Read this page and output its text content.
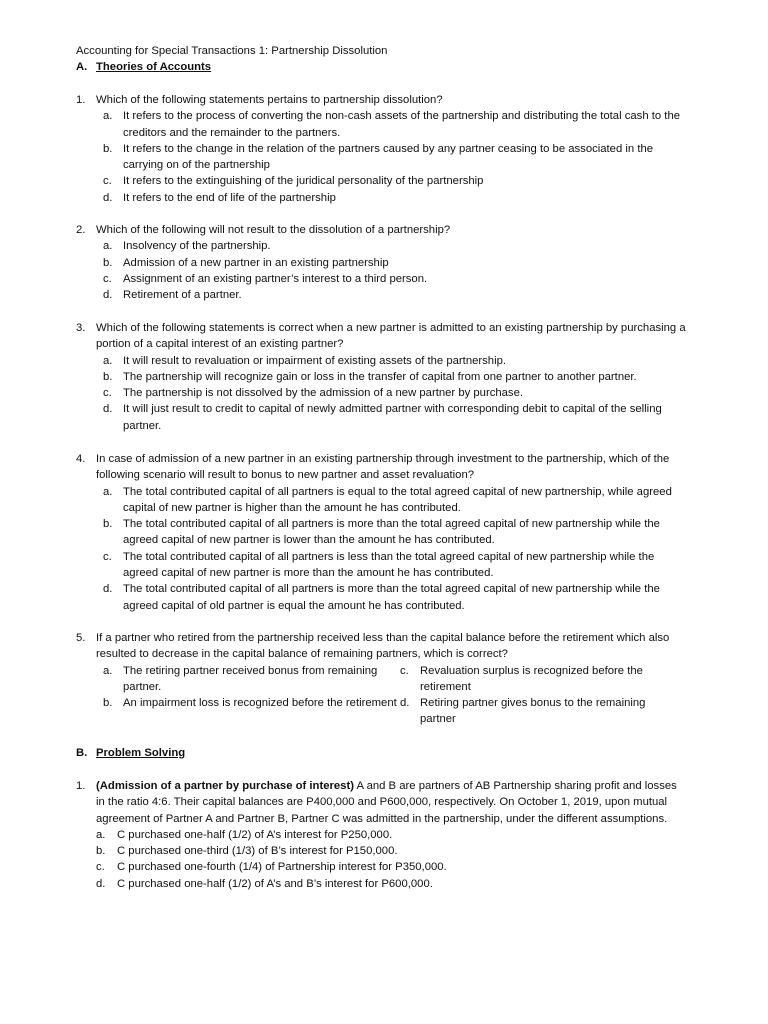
Accounting for Special Transactions 1: Partnership Dissolution
A. Theories of Accounts
1. Which of the following statements pertains to partnership dissolution?
a. It refers to the process of converting the non-cash assets of the partnership and distributing the total cash to the creditors and the remainder to the partners.
b. It refers to the change in the relation of the partners caused by any partner ceasing to be associated in the carrying on of the partnership
c. It refers to the extinguishing of the juridical personality of the partnership
d. It refers to the end of life of the partnership
2. Which of the following will not result to the dissolution of a partnership?
a. Insolvency of the partnership.
b. Admission of a new partner in an existing partnership
c. Assignment of an existing partner’s interest to a third person.
d. Retirement of a partner.
3. Which of the following statements is correct when a new partner is admitted to an existing partnership by purchasing a portion of a capital interest of an existing partner?
a. It will result to revaluation or impairment of existing assets of the partnership.
b. The partnership will recognize gain or loss in the transfer of capital from one partner to another partner.
c. The partnership is not dissolved by the admission of a new partner by purchase.
d. It will just result to credit to capital of newly admitted partner with corresponding debit to capital of the selling partner.
4. In case of admission of a new partner in an existing partnership through investment to the partnership, which of the following scenario will result to bonus to new partner and asset revaluation?
a. The total contributed capital of all partners is equal to the total agreed capital of new partnership, while agreed capital of new partner is higher than the amount he has contributed.
b. The total contributed capital of all partners is more than the total agreed capital of new partnership while the agreed capital of new partner is lower than the amount he has contributed.
c. The total contributed capital of all partners is less than the total agreed capital of new partnership while the agreed capital of new partner is more than the amount he has contributed.
d. The total contributed capital of all partners is more than the total agreed capital of new partnership while the agreed capital of old partner is equal the amount he has contributed.
5. If a partner who retired from the partnership received less than the capital balance before the retirement which also resulted to decrease in the capital balance of remaining partners, which is correct?
a. The retiring partner received bonus from remaining partner.
c. Revaluation surplus is recognized before the retirement
b. An impairment loss is recognized before the retirement d. Retiring partner gives bonus to the remaining partner
B. Problem Solving
1. (Admission of a partner by purchase of interest) A and B are partners of AB Partnership sharing profit and losses in the ratio 4:6. Their capital balances are P400,000 and P600,000, respectively. On October 1, 2019, upon mutual agreement of Partner A and Partner B, Partner C was admitted in the partnership, under the different assumptions.
a. C purchased one-half (1/2) of A’s interest for P250,000.
b. C purchased one-third (1/3) of B’s interest for P150,000.
c. C purchased one-fourth (1/4) of Partnership interest for P350,000.
d. C purchased one-half (1/2) of A’s and B’s interest for P600,000.
